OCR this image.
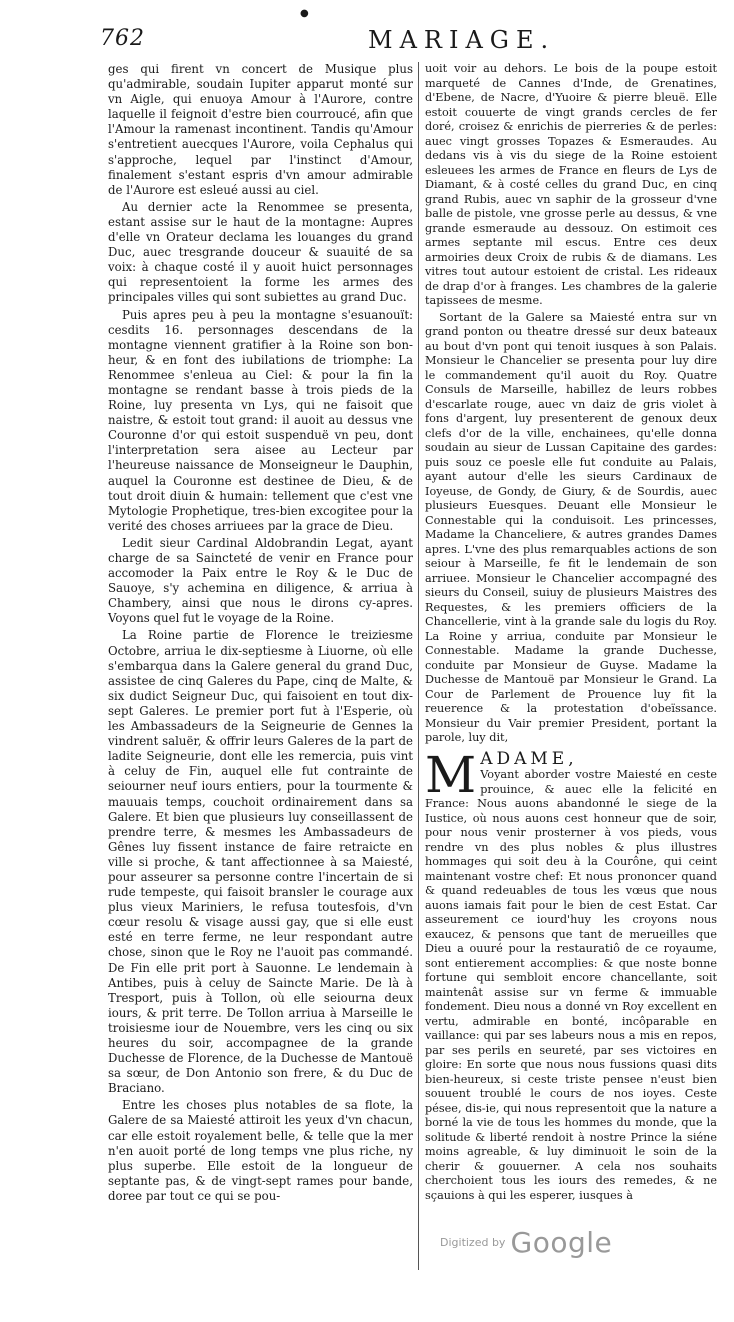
●
762	MARIAGE.

ges qui firent vn concert de Musique plus qu'admirable, soudain Iupiter apparut monté sur vn Aigle, qui enuoya Amour à l'Aurore, contre laquelle il feignoit d'estre bien courroucé, afin que l'Amour la ramenast incontinent. Tandis qu'Amour s'entretient auecques l'Aurore, voila Cephalus qui s'approche, lequel par l'instinct d'Amour, finalement s'estant espris d'vn amour admirable de l'Aurore est esleué aussi au ciel.

Au dernier acte la Renommee se presenta, estant assise sur le haut de la montagne: Aupres d'elle vn Orateur declama les louanges du grand Duc, auec tresgrande douceur & suauité de sa voix: à chaque costé il y auoit huict personnages qui representoient la forme les armes des principales villes qui sont subiettes au grand Duc.

Puis apres peu à peu la montagne s'esuanouït: cesdits 16. personnages descendans de la montagne viennent gratifier à la Roine son bon-heur, & en font des iubilations de triomphe: La Renommee s'enleua au Ciel: & pour la fin la montagne se rendant basse à trois pieds de la Roine, luy presenta vn Lys, qui ne faisoit que naistre, & estoit tout grand: il auoit au dessus vne Couronne d'or qui estoit suspenduë vn peu, dont l'interpretation sera aisee au Lecteur par l'heureuse naissance de Monseigneur le Dauphin, auquel la Couronne est destinee de Dieu, & de tout droit diuin & humain: tellement que c'est vne Mytologie Prophetique, tres-bien excogitee pour la verité des choses arriuees par la grace de Dieu.

Ledit sieur Cardinal Aldobrandin Legat, ayant charge de sa Saincteté de venir en France pour accomoder la Paix entre le Roy & le Duc de Sauoye, s'y achemina en diligence, & arriua à Chambery, ainsi que nous le dirons cy-apres. Voyons quel fut le voyage de la Roine.

La Roine partie de Florence le treiziesme Octobre, arriua le dix-septiesme à Liuorne, où elle s'embarqua dans la Galere general du grand Duc, assistee de cinq Galeres du Pape, cinq de Malte, & six dudict Seigneur Duc, qui faisoient en tout dix-sept Galeres. Le premier port fut à l'Esperie, où les Ambassadeurs de la Seigneurie de Gennes la vindrent saluër, & offrir leurs Galeres de la part de ladite Seigneurie, dont elle les remercia, puis vint à celuy de Fin, auquel elle fut contrainte de seiourner neuf iours entiers, pour la tourmente & mauuais temps, couchoit ordinairement dans sa Galere. Et bien que plusieurs luy conseillassent de prendre terre, & mesmes les Ambassadeurs de Gênes luy fissent instance de faire retraicte en ville si proche, & tant affectionnee à sa Maiesté, pour asseurer sa personne contre l'incertain de si rude tempeste, qui faisoit bransler le courage aux plus vieux Mariniers, le refusa toutesfois, d'vn cœur resolu & visage aussi gay, que si elle eust esté en terre ferme, ne leur respondant autre chose, sinon que le Roy ne l'auoit pas commandé. De Fin elle prit port à Sauonne. Le lendemain à Antibes, puis à celuy de Saincte Marie. De là à Tresport, puis à Tollon, où elle seiourna deux iours, & prit terre. De Tollon arriua à Marseille le troisiesme iour de Nouembre, vers les cinq ou six heures du soir, accompagnee de la grande Duchesse de Florence, de la Duchesse de Mantouë sa sœur, de Don Antonio son frere, & du Duc de Braciano.

Entre les choses plus notables de sa flote, la Galere de sa Maiesté attiroit les yeux d'vn chacun, car elle estoit royalement belle, & telle que la mer n'en auoit porté de long temps vne plus riche, ny plus superbe. Elle estoit de la longueur de septante pas, & de vingt-sept rames pour bande, doree par tout ce qui se pou-

uoit voir au dehors. Le bois de la poupe estoit marqueté de Cannes d'Inde, de Grenatines, d'Ebene, de Nacre, d'Yuoire & pierre bleuë. Elle estoit couuerte de vingt grands cercles de fer doré, croisez & enrichis de pierreries & de perles: auec vingt grosses Topazes & Esmeraudes. Au dedans vis à vis du siege de la Roine estoient esleuees les armes de France en fleurs de Lys de Diamant, & à costé celles du grand Duc, en cinq grand Rubis, auec vn saphir de la grosseur d'vne balle de pistole, vne grosse perle au dessus, & vne grande esmeraude au dessouz. On estimoit ces armes septante mil escus. Entre ces deux armoiries deux Croix de rubis & de diamans. Les vitres tout autour estoient de cristal. Les rideaux de drap d'or à franges. Les chambres de la galerie tapissees de mesme.

Sortant de la Galere sa Maiesté entra sur vn grand ponton ou theatre dressé sur deux bateaux au bout d'vn pont qui tenoit iusques à son Palais. Monsieur le Chancelier se presenta pour luy dire le commandement qu'il auoit du Roy. Quatre Consuls de Marseille, habillez de leurs robbes d'escarlate rouge, auec vn daiz de gris violet à fons d'argent, luy presenterent de genoux deux clefs d'or de la ville, enchainees, qu'elle donna soudain au sieur de Lussan Capitaine des gardes: puis souz ce poesle elle fut conduite au Palais, ayant autour d'elle les sieurs Cardinaux de Ioyeuse, de Gondy, de Giury, & de Sourdis, auec plusieurs Euesques. Deuant elle Monsieur le Connestable qui la conduisoit. Les princesses, Madame la Chanceliere, & autres grandes Dames apres. L'vne des plus remarquables actions de son seiour à Marseille, fe fit le lendemain de son arriuee. Monsieur le Chancelier accompagné des sieurs du Conseil, suiuy de plusieurs Maistres des Requestes, & les premiers officiers de la Chancellerie, vint à la grande sale du logis du Roy. La Roine y arriua, conduite par Monsieur le Connestable. Madame la grande Duchesse, conduite par Monsieur de Guyse. Madame la Duchesse de Mantouë par Monsieur le Grand. La Cour de Parlement de Prouence luy fit la reuerence & la protestation d'obeïssance. Monsieur du Vair premier President, portant la parole, luy dit,

M ADAME,

Voyant aborder vostre Maiesté en ceste prouince, & auec elle la felicité en France: Nous auons abandonné le siege de la Iustice, où nous auons cest honneur que de soir, pour nous venir prosterner à vos pieds, vous rendre vn des plus nobles & plus illustres hommages qui soit deu à la Courône, qui ceint maintenant vostre chef: Et nous prononcer quand & quand redeuables de tous les vœus que nous auons iamais fait pour le bien de cest Estat. Car asseurement ce iourd'huy les croyons nous exaucez, & pensons que tant de merueilles que Dieu a ouuré pour la restauratiô de ce royaume, sont entierement accomplies: & que noste bonne fortune qui sembloit encore chancellante, soit maintenât assise sur vn ferme & immuable fondement. Dieu nous a donné vn Roy excellent en vertu, admirable en bonté, incôparable en vaillance: qui par ses labeurs nous a mis en repos, par ses perils en seureté, par ses victoires en gloire: En sorte que nous nous fussions quasi dits bien-heureux, si ceste triste pensee n'eust bien souuent troublé le cours de nos ioyes. Ceste pésee, dis-ie, qui nous representoit que la nature a borné la vie de tous les hommes du monde, que la solitude & liberté rendoit à nostre Prince la siéne moins agreable, & luy diminuoit le soin de la cherir & gouuerner. A cela nos souhaits cherchoient tous les iours des remedes, & ne sçauions à qui les esperer, iusques à

Digitized by Google
